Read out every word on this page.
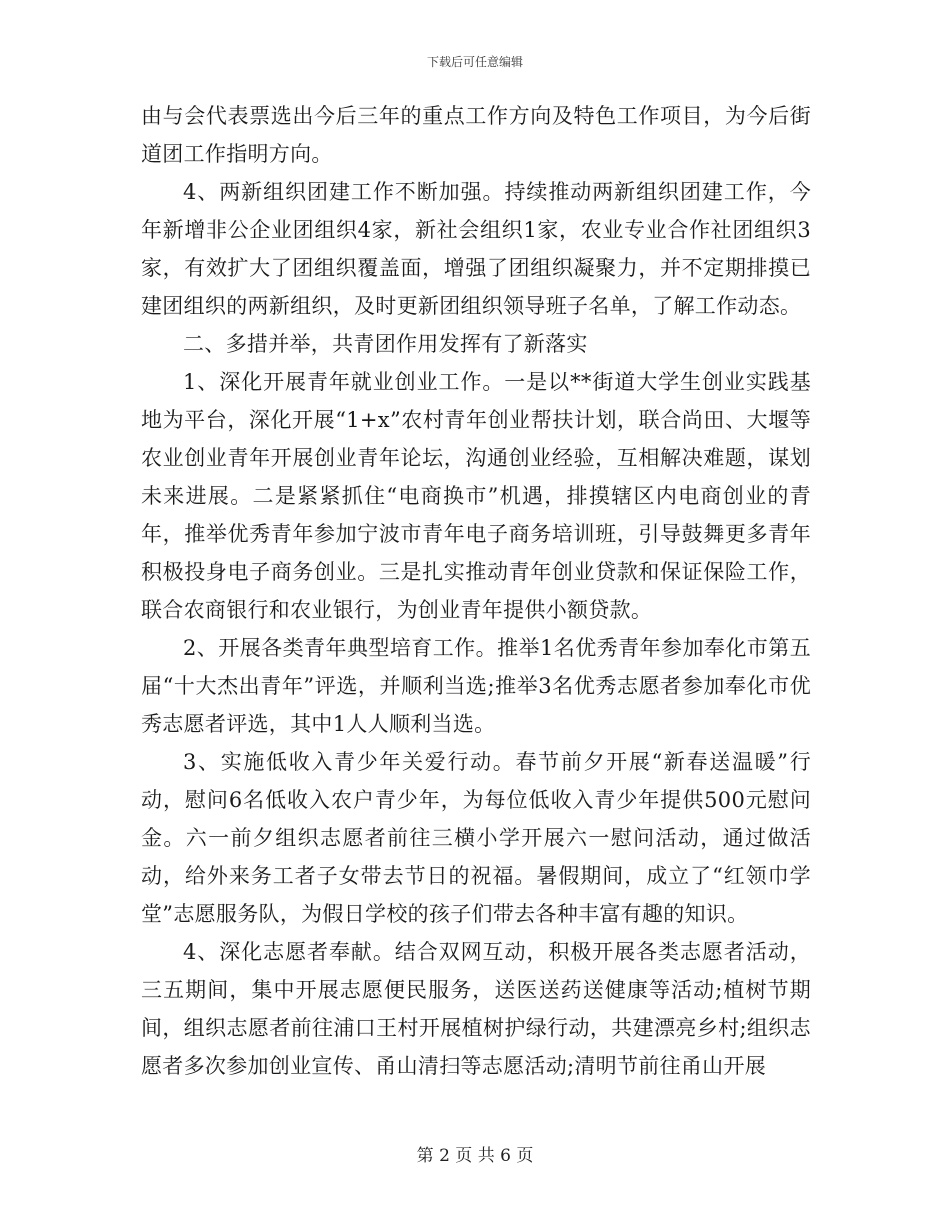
下载后可任意编辑

由与会代表票选出今后三年的重点工作方向及特色工作项目，为今后街道团工作指明方向。

4、两新组织团建工作不断加强。持续推动两新组织团建工作，今年新增非公企业团组织4家，新社会组织1家，农业专业合作社团组织3家，有效扩大了团组织覆盖面，增强了团组织凝聚力，并不定期排摸已建团组织的两新组织，及时更新团组织领导班子名单，了解工作动态。

二、多措并举，共青团作用发挥有了新落实

1、深化开展青年就业创业工作。一是以**街道大学生创业实践基地为平台，深化开展“1+x”农村青年创业帮扶计划，联合尚田、大堰等农业创业青年开展创业青年论坛，沟通创业经验，互相解决难题，谋划未来进展。二是紧紧抓住“电商换市”机遇，排摸辖区内电商创业的青年，推举优秀青年参加宁波市青年电子商务培训班，引导鼓舞更多青年积极投身电子商务创业。三是扎实推动青年创业贷款和保证保险工作，联合农商银行和农业银行，为创业青年提供小额贷款。

2、开展各类青年典型培育工作。推举1名优秀青年参加奉化市第五届“十大杰出青年”评选，并顺利当选;推举3名优秀志愿者参加奉化市优秀志愿者评选，其中1人人顺利当选。

3、实施低收入青少年关爱行动。春节前夕开展“新春送温暖”行动，慰问6名低收入农户青少年，为每位低收入青少年提供500元慰问金。六一前夕组织志愿者前往三横小学开展六一慰问活动，通过做活动，给外来务工者子女带去节日的祝福。暑假期间，成立了“红领巾学堂”志愿服务队，为假日学校的孩子们带去各种丰富有趣的知识。

4、深化志愿者奉献。结合双网互动，积极开展各类志愿者活动，三五期间，集中开展志愿便民服务，送医送药送健康等活动;植树节期间，组织志愿者前往浦口王村开展植树护绿行动，共建漂亮乡村;组织志愿者多次参加创业宣传、甬山清扫等志愿活动;清明节前往甬山开展

第 2 页 共 6 页
